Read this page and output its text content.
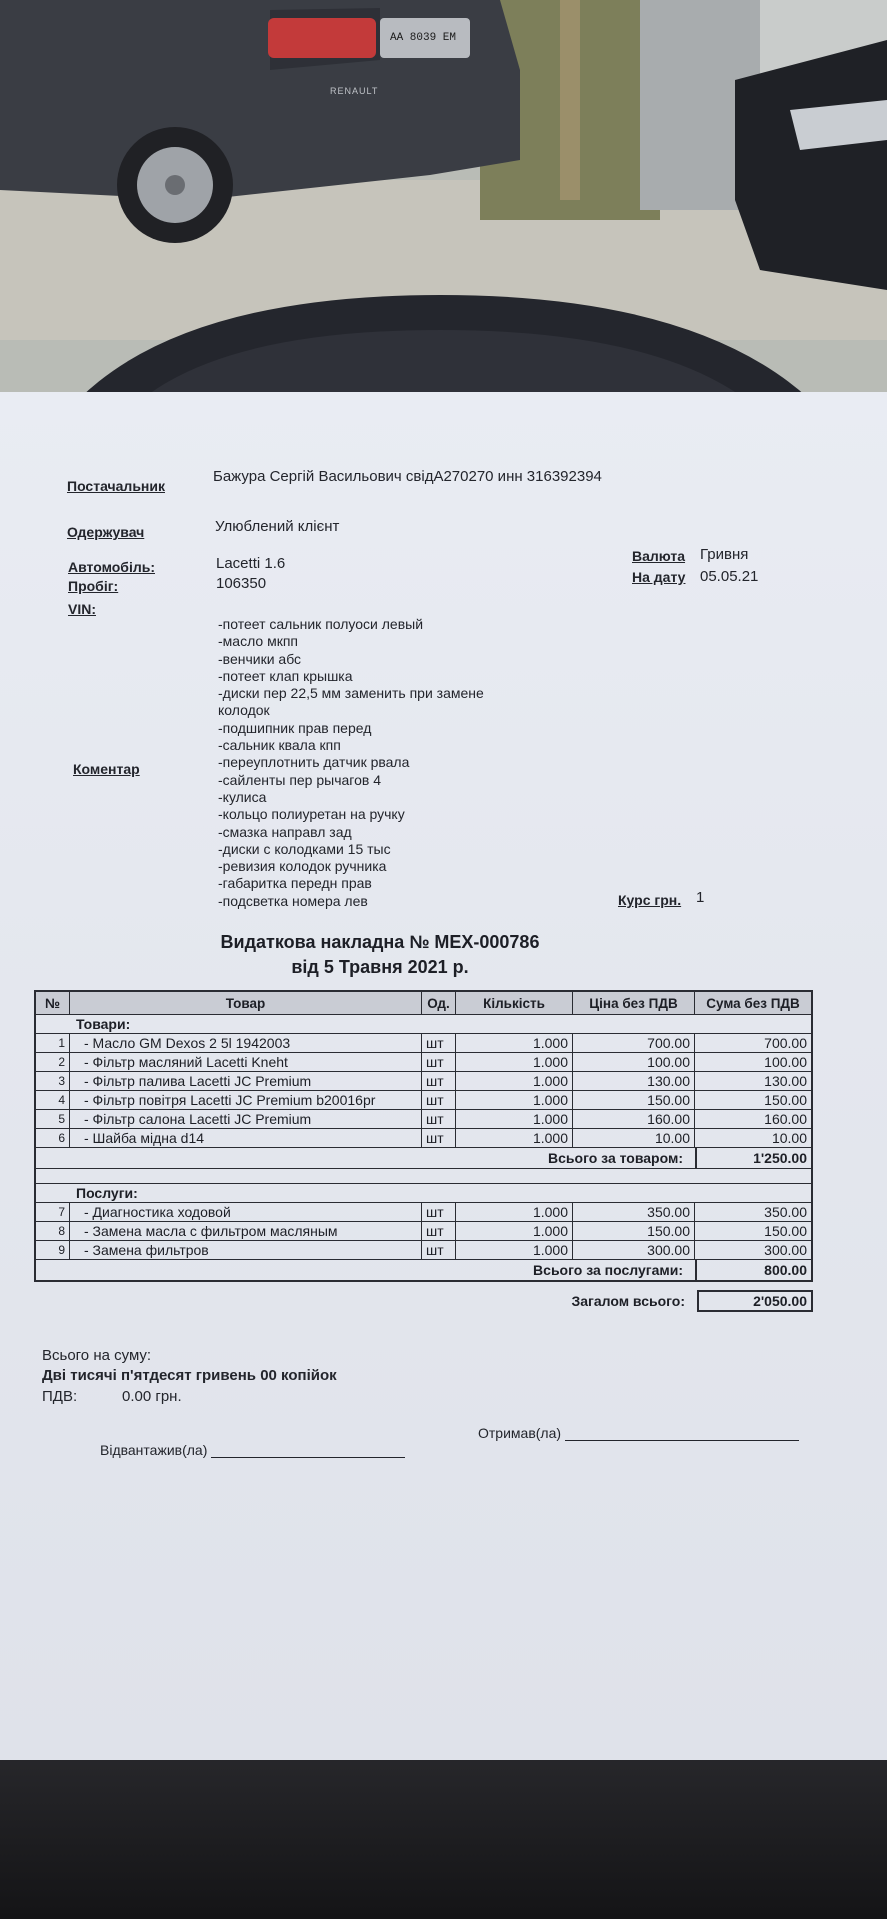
AA 8039 EM
RENAULT
Постачальник
Бажура Сергій Васильович свідА270270 инн 316392394
Одержувач	Улюблений клієнт
Автомобіль:	Lacetti 1.6
Пробіг:	106350
VIN:
Валюта Гривня
На дату 05.05.21
Коментар
-потеет сальник полуоси левый
-масло мкпп
-венчики абс
-потеет клап крышка
-диски пер 22,5 мм заменить при замене колодок
-подшипник прав перед
-сальник квала кпп
-переуплотнить датчик рвала
-сайленты пер рычагов 4
-кулиса
-кольцо полиуретан на ручку
-смазка направл зад
-диски с колодками 15 тыс
-ревизия колодок ручника
-габаритка передн прав
-подсветка номера лев	Курс грн. 1
Видаткова накладна № MEX-000786
від 5 Травня 2021 р.
№	Товар	Од.	Кількість	Ціна без ПДВ	Сума без ПДВ
Товари:
1	- Масло GM Dexos 2 5l 1942003	шт	1.000	700.00	700.00
2	- Фільтр масляний Lacetti Kneht	шт	1.000	100.00	100.00
3	- Фільтр палива Lacetti JC Premium	шт	1.000	130.00	130.00
4	- Фільтр повітря Lacetti JC Premium b20016pr	шт	1.000	150.00	150.00
5	- Фільтр салона Lacetti JC Premium	шт	1.000	160.00	160.00
6	- Шайба мідна d14	шт	1.000	10.00	10.00
Всього за товаром:	1'250.00
Послуги:
7	- Диагностика ходовой	шт	1.000	350.00	350.00
8	- Замена масла с фильтром масляным	шт	1.000	150.00	150.00
9	- Замена фильтров	шт	1.000	300.00	300.00
Всього за послугами:	800.00
Загалом всього:	2'050.00
Всього на суму:
Дві тисячі п'ятдесят гривень 00 копійок
ПДВ:	0.00 грн.
Відвантажив(ла)
Отримав(ла)
